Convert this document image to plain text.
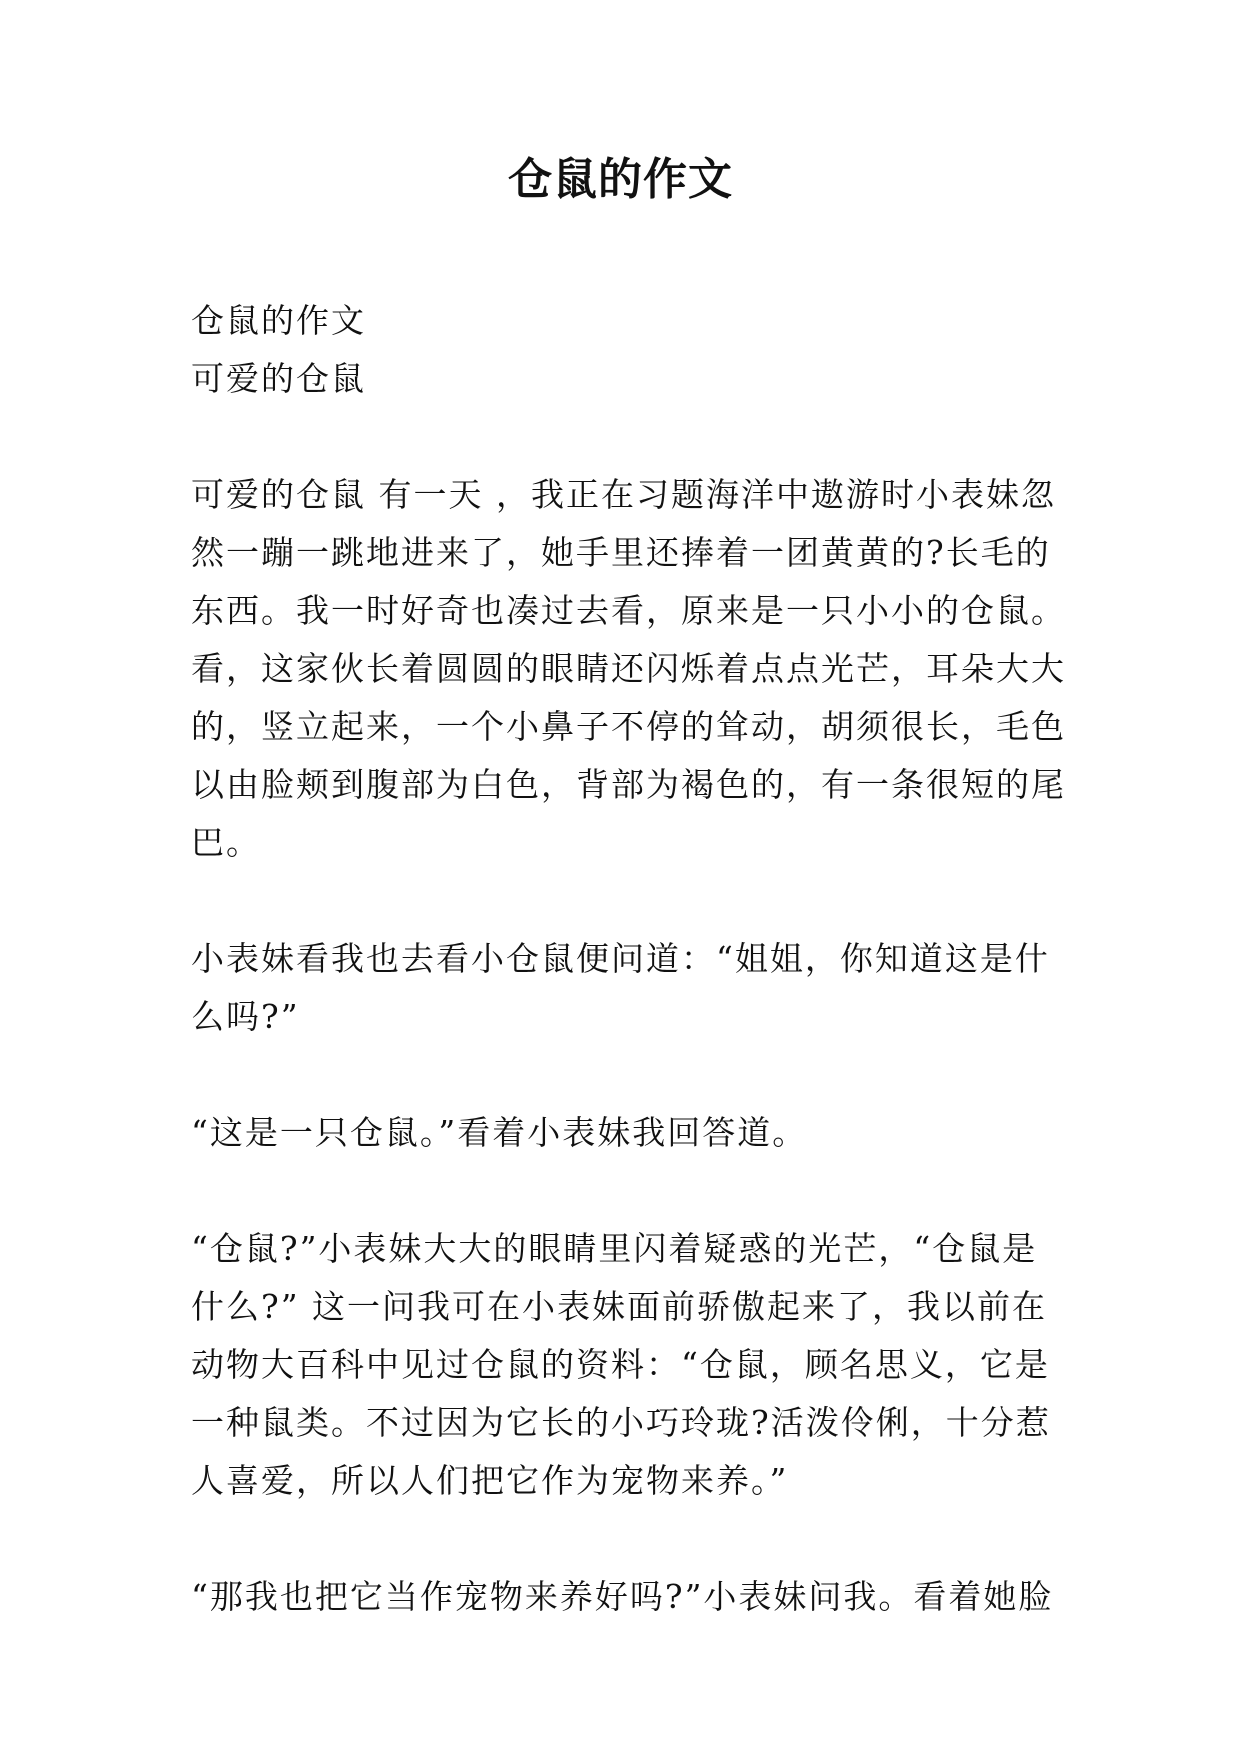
仓鼠的作文

仓鼠的作文

可爱的仓鼠

可爱的仓鼠 有一天 ，我正在习题海洋中遨游时小表妹忽然一蹦一跳地进来了，她手里还捧着一团黄黄的?长毛的东西。我一时好奇也凑过去看，原来是一只小小的仓鼠。看，这家伙长着圆圆的眼睛还闪烁着点点光芒，耳朵大大的，竖立起来，一个小鼻子不停的耸动，胡须很长，毛色以由脸颊到腹部为白色，背部为褐色的，有一条很短的尾巴。

小表妹看我也去看小仓鼠便问道：“姐姐，你知道这是什么吗?”

“这是一只仓鼠。”看着小表妹我回答道。

“仓鼠?”小表妹大大的眼睛里闪着疑惑的光芒，“仓鼠是什么?” 这一问我可在小表妹面前骄傲起来了，我以前在动物大百科中见过仓鼠的资料：“仓鼠，顾名思义，它是一种鼠类。不过因为它长的小巧玲珑?活泼伶俐，十分惹人喜爱，所以人们把它作为宠物来养。”

“那我也把它当作宠物来养好吗?”小表妹问我。看着她脸
